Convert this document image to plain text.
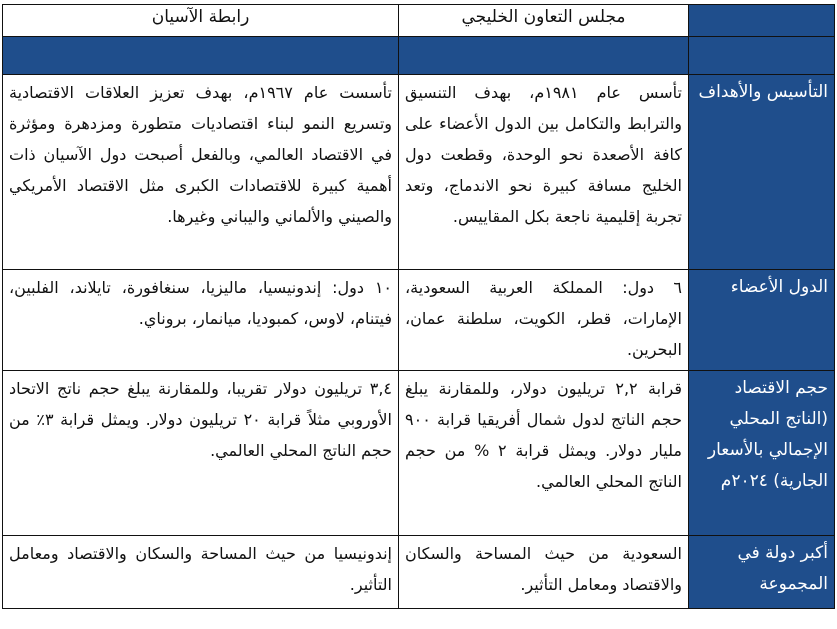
	مجلس التعاون الخليجي	رابطة الآسيان

التأسيس والأهداف	تأسس عام ١٩٨١م، بهدف التنسيق والترابط والتكامل بين الدول الأعضاء على كافة الأصعدة نحو الوحدة، وقطعت دول الخليج مسافة كبيرة نحو الاندماج، وتعد تجربة إقليمية ناجعة بكل المقاييس.	تأسست عام ١٩٦٧م، بهدف تعزيز العلاقات الاقتصادية وتسريع النمو لبناء اقتصاديات متطورة ومزدهرة ومؤثرة في الاقتصاد العالمي، وبالفعل أصبحت دول الآسيان ذات أهمية كبيرة للاقتصادات الكبرى مثل الاقتصاد الأمريكي والصيني والألماني واليباني وغيرها.
الدول الأعضاء	٦ دول: المملكة العربية السعودية، الإمارات، قطر، الكويت، سلطنة عمان، البحرين.	١٠ دول: إندونيسيا، ماليزيا، سنغافورة، تايلاند، الفلبين، فيتنام، لاوس، كمبوديا، ميانمار، بروناي.
حجم الاقتصاد (الناتج المحلي الإجمالي بالأسعار الجارية) ٢٠٢٤م	قرابة ٢,٢ تريليون دولار، وللمقارنة يبلغ حجم الناتج لدول شمال أفريقيا قرابة ٩٠٠ مليار دولار. ويمثل قرابة ٢ % من حجم الناتج المحلي العالمي.	٣,٤ تريليون دولار تقريبا، وللمقارنة يبلغ حجم ناتج الاتحاد الأوروبي مثلاً قرابة ٢٠ تريليون دولار. ويمثل قرابة ٣٪ من حجم الناتج المحلي العالمي.
أكبر دولة في المجموعة	السعودية من حيث المساحة والسكان والاقتصاد ومعامل التأثير.	إندونيسيا من حيث المساحة والسكان والاقتصاد ومعامل التأثير.
